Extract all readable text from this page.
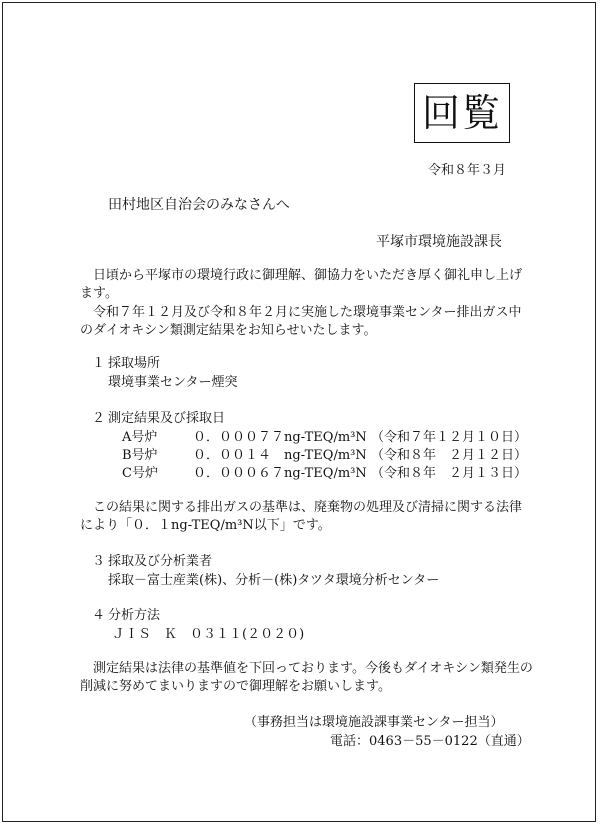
回覧
令和８年３月
田村地区自治会のみなさんへ
平塚市環境施設課長
日頃から平塚市の環境行政に御理解、御協力をいただき厚く御礼申し上げます。
令和７年１２月及び令和８年２月に実施した環境事業センター排出ガス中のダイオキシン類測定結果をお知らせいたします。
１ 採取場所
環境事業センター煙突
２ 測定結果及び採取日
A号炉	０．０００７７ng-TEQ/m³N （令和７年１２月１０日）
B号炉	０．００１４　ng-TEQ/m³N （令和８年　２月１２日）
C号炉	０．０００６７ng-TEQ/m³N （令和８年　２月１３日）
この結果に関する排出ガスの基準は、廃棄物の処理及び清掃に関する法律により「０．１ng-TEQ/m³N以下」です。
３ 採取及び分析業者
採取－富士産業(株)、分析－(株)タツタ環境分析センター
４ 分析方法
ＪＩＳ　Ｋ　０３１１(２０２０)
測定結果は法律の基準値を下回っております。今後もダイオキシン類発生の削減に努めてまいりますので御理解をお願いします。
（事務担当は環境施設課事業センター担当）
電話：0463－55－0122（直通）
